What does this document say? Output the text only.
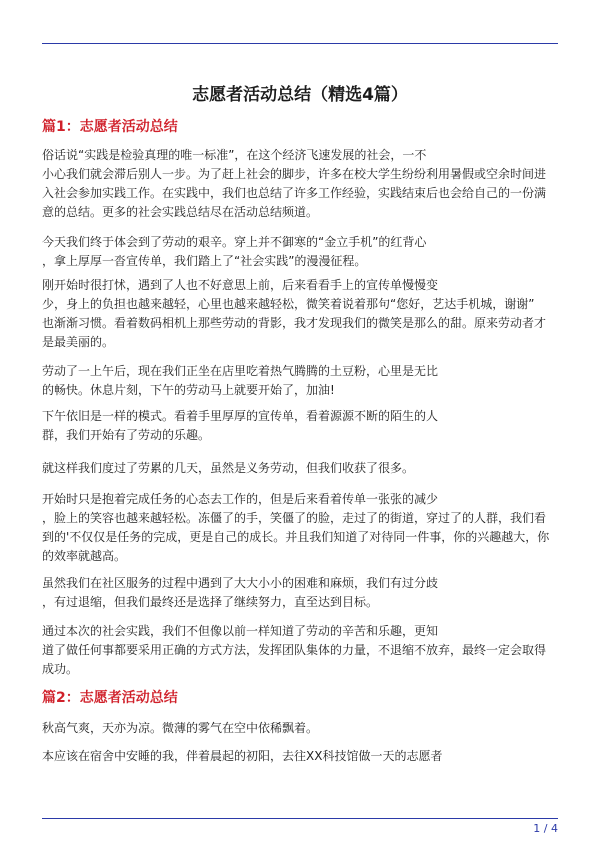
志愿者活动总结（精选4篇）
篇1：志愿者活动总结

俗话说“实践是检验真理的唯一标准”，在这个经济飞速发展的社会，一不
小心我们就会滞后别人一步。为了赶上社会的脚步，许多在校大学生纷纷利用暑假或空余时间进
入社会参加实践工作。在实践中，我们也总结了许多工作经验，实践结束后也会给自己的一份满
意的总结。更多的社会实践总结尽在活动总结频道。

今天我们终于体会到了劳动的艰辛。穿上并不御寒的“金立手机”的红背心
，拿上厚厚一沓宣传单，我们踏上了“社会实践”的漫漫征程。

刚开始时很打怵，遇到了人也不好意思上前，后来看看手上的宣传单慢慢变
少，身上的负担也越来越轻，心里也越来越轻松，微笑着说着那句“您好，艺达手机城，谢谢”
也渐渐习惯。看着数码相机上那些劳动的背影，我才发现我们的微笑是那么的甜。原来劳动者才
是最美丽的。

劳动了一上午后，现在我们正坐在店里吃着热气腾腾的土豆粉，心里是无比
的畅快。休息片刻，下午的劳动马上就要开始了，加油!

下午依旧是一样的模式。看着手里厚厚的宣传单，看着源源不断的陌生的人
群，我们开始有了劳动的乐趣。

就这样我们度过了劳累的几天，虽然是义务劳动，但我们收获了很多。

开始时只是抱着完成任务的心态去工作的，但是后来看着传单一张张的减少
，脸上的笑容也越来越轻松。冻僵了的手，笑僵了的脸，走过了的街道，穿过了的人群，我们看
到的'不仅仅是任务的完成，更是自己的成长。并且我们知道了对待同一件事，你的兴趣越大，你
的效率就越高。

虽然我们在社区服务的过程中遇到了大大小小的困难和麻烦，我们有过分歧
，有过退缩，但我们最终还是选择了继续努力，直至达到目标。

通过本次的社会实践，我们不但像以前一样知道了劳动的辛苦和乐趣，更知
道了做任何事都要采用正确的方式方法，发挥团队集体的力量，不退缩不放弃，最终一定会取得
成功。

篇2：志愿者活动总结

秋高气爽，天亦为凉。微薄的雾气在空中依稀飘着。

本应该在宿舍中安睡的我，伴着晨起的初阳，去往XX科技馆做一天的志愿者

1 / 4
